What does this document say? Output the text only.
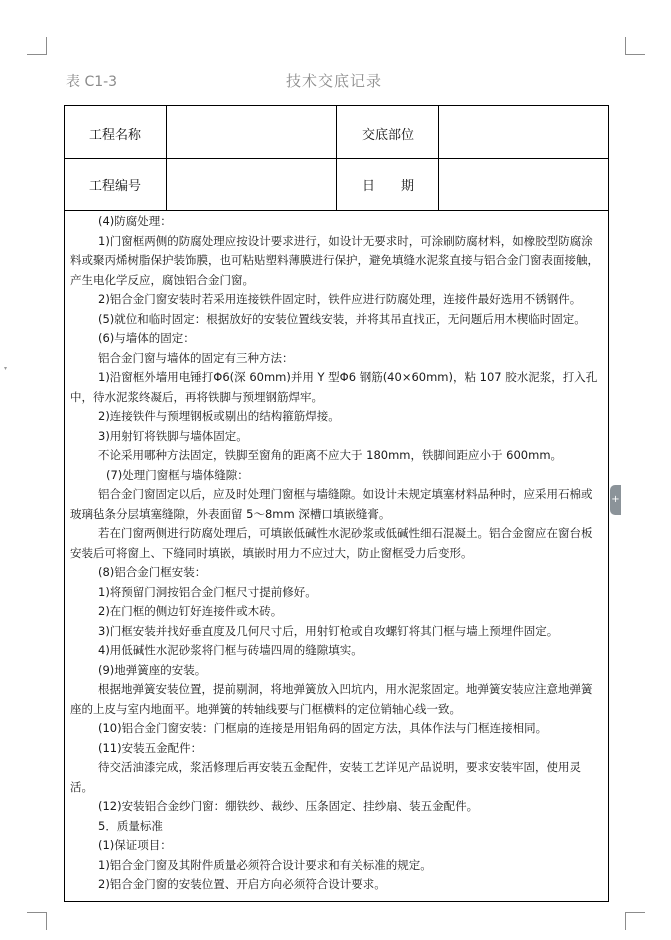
▾
+
表 C1-3	技术交底记录
工程名称	交底部位
工程编号	日　　期

(4)防腐处理：

1)门窗框两侧的防腐处理应按设计要求进行，如设计无要求时，可涂刷防腐材料，如橡胶型防腐涂料或聚丙烯树脂保护装饰膜，也可粘贴塑料薄膜进行保护，避免填缝水泥浆直接与铝合金门窗表面接触，产生电化学反应，腐蚀铝合金门窗。

2)铝合金门窗安装时若采用连接铁件固定时，铁件应进行防腐处理，连接件最好选用不锈钢件。

(5)就位和临时固定：根据放好的安装位置线安装，并将其吊直找正，无问题后用木楔临时固定。

(6)与墙体的固定：

铝合金门窗与墙体的固定有三种方法：

1)沿窗框外墙用电锤打Φ6(深 60mm)并用 Y 型Φ6 钢筋(40×60mm)，粘 107 胶水泥浆，打入孔中，待水泥浆终凝后，再将铁脚与预埋钢筋焊牢。

2)连接铁件与预埋钢板或剔出的结构箍筋焊接。

3)用射钉将铁脚与墙体固定。

不论采用哪种方法固定，铁脚至窗角的距离不应大于 180mm，铁脚间距应小于 600mm。

(7)处理门窗框与墙体缝隙：

铝合金门窗固定以后，应及时处理门窗框与墙缝隙。如设计未规定填塞材料品种时，应采用石棉或玻璃毡条分层填塞缝隙，外表面留 5～8mm 深槽口填嵌缝膏。

若在门窗两侧进行防腐处理后，可填嵌低碱性水泥砂浆或低碱性细石混凝土。铝合金窗应在窗台板安装后可将窗上、下缝同时填嵌，填嵌时用力不应过大，防止窗框受力后变形。

(8)铝合金门框安装：

1)将预留门洞按铝合金门框尺寸提前修好。

2)在门框的侧边钉好连接件或木砖。

3)门框安装并找好垂直度及几何尺寸后，用射钉枪或自攻螺钉将其门框与墙上预埋件固定。

4)用低碱性水泥砂浆将门框与砖墙四周的缝隙填实。

(9)地弹簧座的安装。

根据地弹簧安装位置，提前剔洞，将地弹簧放入凹坑内，用水泥浆固定。地弹簧安装应注意地弹簧座的上皮与室内地面平。地弹簧的转轴线要与门框横料的定位销轴心线一致。

(10)铝合金门窗安装：门框扇的连接是用铝角码的固定方法，具体作法与门框连接相同。

(11)安装五金配件：

待交活油漆完成，浆活修理后再安装五金配件，安装工艺详见产品说明，要求安装牢固，使用灵活。

(12)安装铝合金纱门窗：绷铁纱、裁纱、压条固定、挂纱扇、装五金配件。

5．质量标准

(1)保证项目：

1)铝合金门窗及其附件质量必须符合设计要求和有关标准的规定。

2)铝合金门窗的安装位置、开启方向必须符合设计要求。
